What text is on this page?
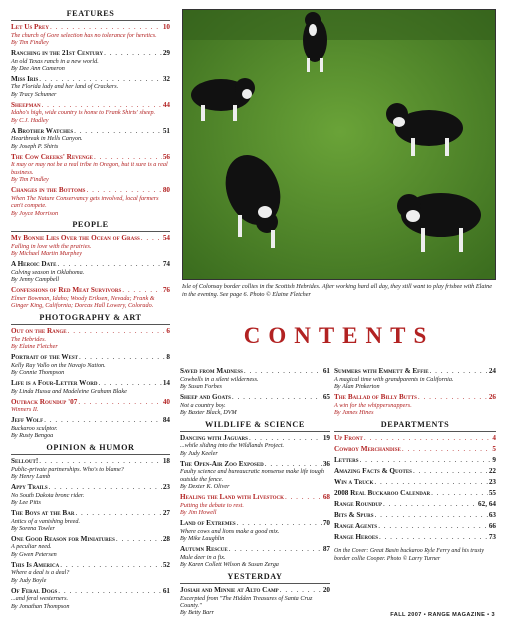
FEATURES
Let Us Prey . . .	10
The church of Gore selection has no tolerance for heretics.
By Tim Findley
Ranching in the 21st Century . . .	29
An old Texas ranch in a new world.
By Dee Ann Cameron
Miss Iris . . .	32
The Florida lady and her land of Crackers.
By Tracy Schumer
Sheepman . . .	44
Idaho's high, wide country is home to Frank Shirts' sheep.
By C.J. Hadley
A Brother Watches . . .	51
Heartbreak in Hells Canyon.
By Joseph P. Shirts
The Cow Creeks' Revenge . . .	56
It may or may not be a real tribe in Oregon, but it sure is a real business.
By Tim Findley
Changes in the Bottoms . . .	80
When The Nature Conservancy gets involved, local farmers can't compete.
By Joyce Morrison
PEOPLE
My Bonnie Lies Over the Ocean of Grass . . .	54
Falling in love with the prairies.
By Michael Martin Murphey
A Heroic Date . . .	74
Calving season in Oklahoma.
By Jenny Campbell
Confessions of Red Meat Survivors . . .	76
Elmer Bowman, Idaho; Woody Eriksen, Nevada; Frank & Ginger King, California; Dorcas Hall Lowery, Colorado.
PHOTOGRAPHY & ART
Out on the Range . . .	6
The Hebrides.
By Elaine Fletcher
Portrait of the West . . .	8
Kelly Ray Vallo on the Navajo Nation.
By Connie Thompson
Life is a Four-Letter Word . . .	14
By Linda Hussa and Madeleine Graham Blake
Outback Roundup '07 . . .	40
Winners II.
Jeff Wolf . . .	84
Buckaroo sculptor.
By Rusty Bengoa
OPINION & HUMOR
Sellout! . . .	18
Public-private partnerships. Who's to blame?
By Henry Lamb
Appy Trails . . .	23
No South Dakota bronc rider.
By Lee Pitts
The Boys at the Bar . . .	27
Antics of a vanishing breed.
By Sorena Towler
One Good Reason for Miniatures . . .	28
A peculiar need.
By Gwen Petersen
This Is America . . .	52
Where a deal is a deal?
By Judy Boyle
Of Feral Dogs . . .	61
...and feral westerners.
By Jonathan Thompson
Isle of Colonsay border collies in the Scottish Hebrides. After working hard all day, they still want to play frisbee with Elaine in the evening. See page 6. Photo © Elaine Fletcher
CONTENTS
Saved from Madness . . .	61
Cowbells in a silent wilderness.
By Susan Forbes
Sheep and Goats . . .	65
Not a country boy.
By Baxter Black, DVM
WILDLIFE & SCIENCE
Dancing with Jaguars . . .	19
...while sliding into the Wildlands Project.
By Judy Keeler
The Open-Air Zoo Exposed . . .	36
Faulty science and bureaucratic nonsense make life tough outside the fence.
By Dexter K. Oliver
Healing the Land with Livestock . . .	68
Putting the debate to rest.
By Jim Howell
Land of Extremes . . .	70
Where cows and lions make a good mix.
By Mike Laughlin
Autumn Rescue . . .	87
Mule deer in a fix.
By Karen Collett Wilson & Susan Zerga
YESTERDAY
Josiah and Minnie at Alto Camp . . .	20
Excerpted from "The Hidden Treasures of Santa Cruz County."
By Betty Barr
Summers with Emmett & Effie . . .	24
A magical time with grandparents in California.
By Alan Pinkerton
The Ballad of Billy Butts . . .	26
A win for the whippersnappers.
By James Hines
DEPARTMENTS
Up Front . . .	4
Cowboy Merchandise . . .	5
Letters . . .	9
Amazing Facts & Quotes . . .	22
Win a Truck . . .	23
2008 Real Buckaroo Calendar . . .	55
Range Roundup . . .	62, 64
Bits & Spurs . . .	63
Range Agents . . .	66
Range Heroes . . .	73
On the Cover: Great Basin buckaroo Ryle Ferry and his trusty border collie Cooper. Photo © Larry Turner
FALL 2007 • RANGE MAGAZINE • 3
